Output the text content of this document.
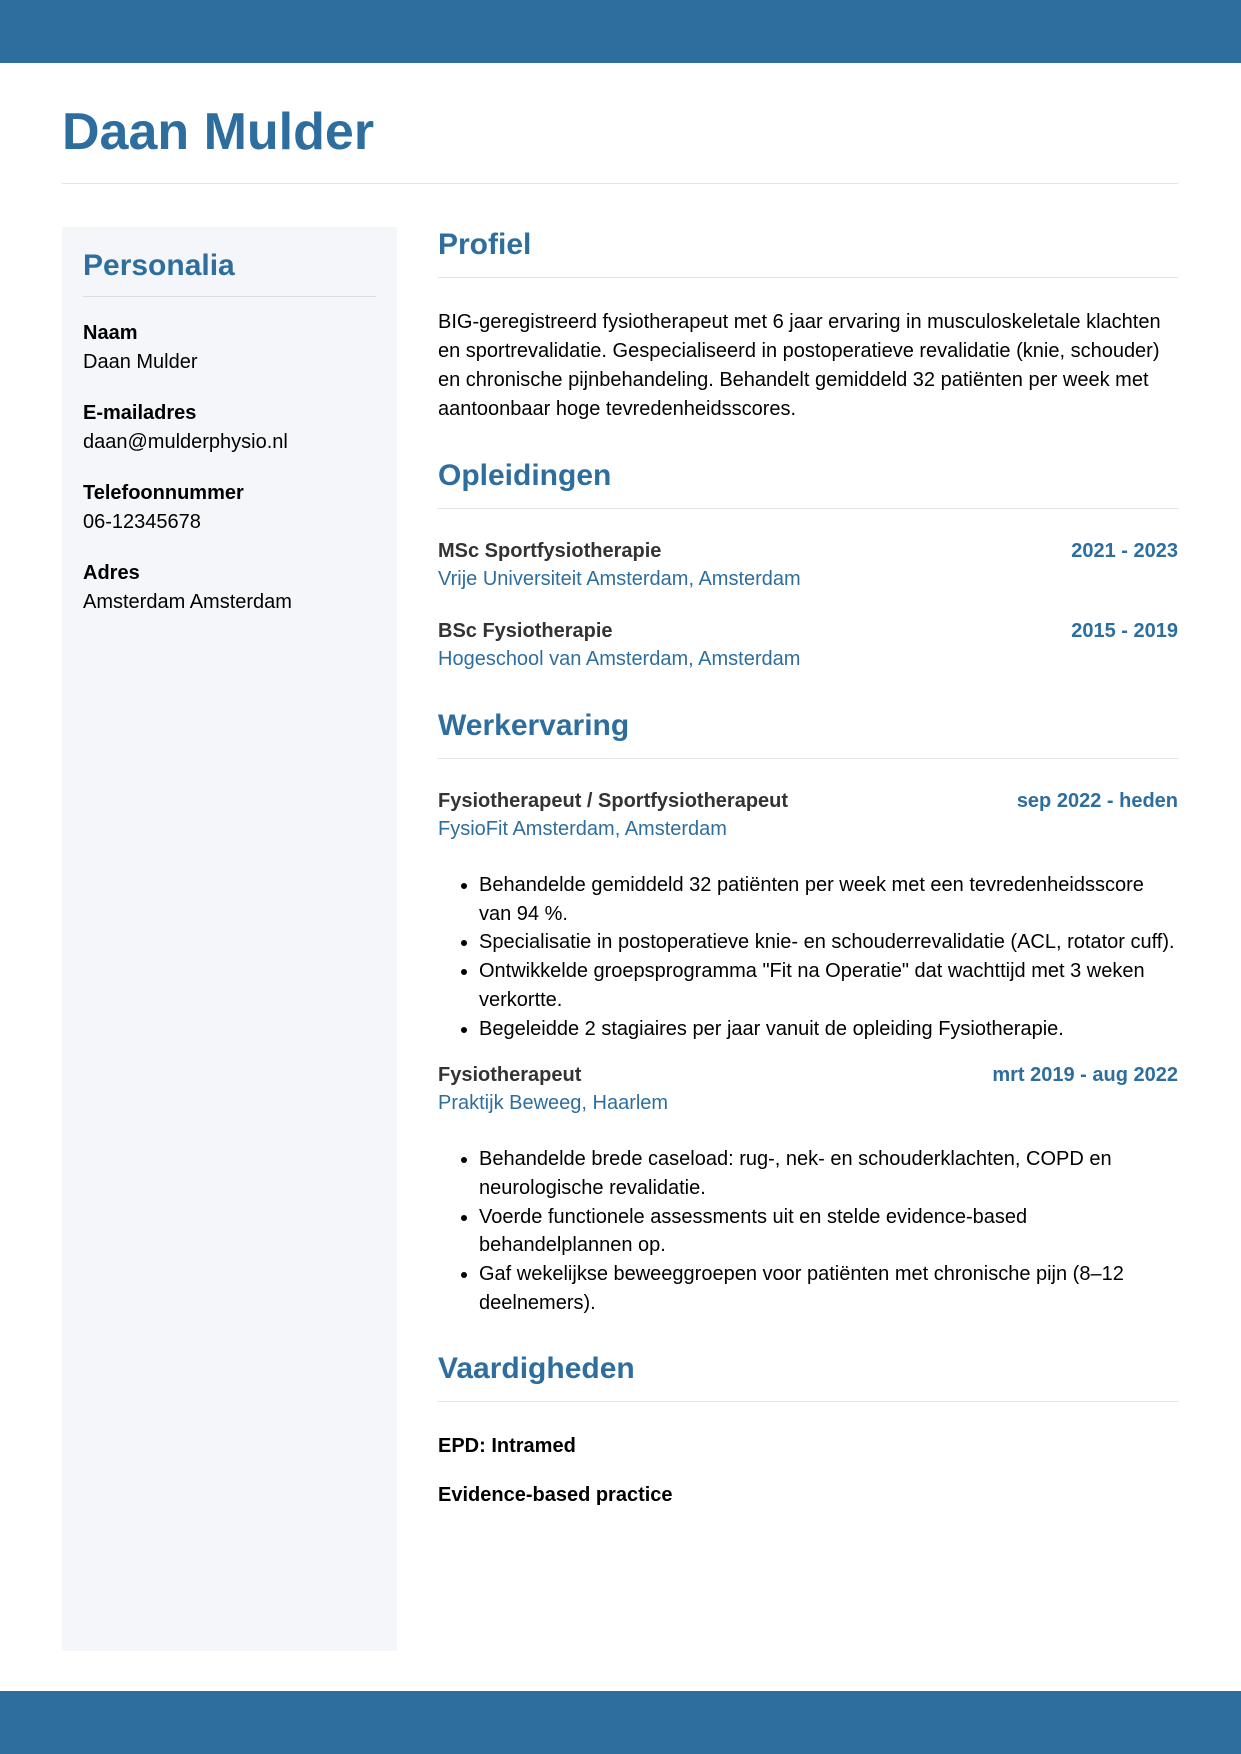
Daan Mulder
Personalia
Naam
Daan Mulder
E-mailadres
daan@mulderphysio.nl
Telefoonnummer
06-12345678
Adres
Amsterdam Amsterdam
Profiel

BIG-geregistreerd fysiotherapeut met 6 jaar ervaring in musculoskeletale klachten en sportrevalidatie. Gespecialiseerd in postoperatieve revalidatie (knie, schouder) en chronische pijnbehandeling. Behandelt gemiddeld 32 patiënten per week met aantoonbaar hoge tevredenheidsscores.

Opleidingen
MSc Sportfysiotherapie	2021 - 2023
Vrije Universiteit Amsterdam, Amsterdam
BSc Fysiotherapie	2015 - 2019
Hogeschool van Amsterdam, Amsterdam
Werkervaring
Fysiotherapeut / Sportfysiotherapeut	sep 2022 - heden
FysioFit Amsterdam, Amsterdam
• Behandelde gemiddeld 32 patiënten per week met een tevredenheidsscore van 94 %.
• Specialisatie in postoperatieve knie- en schouderrevalidatie (ACL, rotator cuff).
• Ontwikkelde groepsprogramma "Fit na Operatie" dat wachttijd met 3 weken verkortte.
• Begeleidde 2 stagiaires per jaar vanuit de opleiding Fysiotherapie.
Fysiotherapeut	mrt 2019 - aug 2022
Praktijk Beweeg, Haarlem
• Behandelde brede caseload: rug-, nek- en schouderklachten, COPD en neurologische revalidatie.
• Voerde functionele assessments uit en stelde evidence-based behandelplannen op.
• Gaf wekelijkse beweeggroepen voor patiënten met chronische pijn (8–12 deelnemers).
Vaardigheden
EPD: Intramed
Evidence-based practice
